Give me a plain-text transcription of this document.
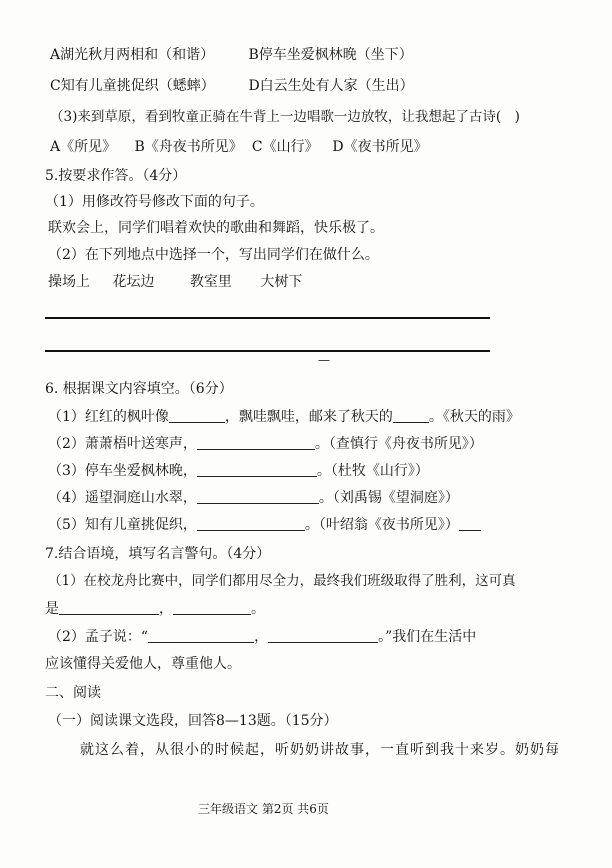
A湖光秋月两相和（和谐） B停车坐爱枫林晚（坐下）
C知有儿童挑促织（蟋蟀） D白云生处有人家（生出）
（3)来到草原，看到牧童正骑在牛背上一边唱歌一边放牧，让我想起了古诗(　)
A《所见》 B《舟夜书所见》 C《山行》 D《夜书所见》
5.按要求作答。（4分）
（1）用修改符号修改下面的句子。
联欢会上，同学们唱着欢快的歌曲和舞蹈，快乐极了。
（2）在下列地点中选择一个，写出同学们在做什么。
操场上 花坛边	教室里 大树下
—
6. 根据课文内容填空。（6分）
（1）红红的枫叶像	，飘哇飘哇，邮来了秋天的	。《秋天的雨》
（2）萧萧梧叶送寒声，	。（查慎行《舟夜书所见》）
（3）停车坐爱枫林晚，	。（杜牧《山行》）
（4）遥望洞庭山水翠，	。（刘禹锡《望洞庭》）
（5）知有儿童挑促织，	。（叶绍翁《夜书所见》）
7.结合语境，填写名言警句。（4分）
（1）在校龙舟比赛中，同学们都用尽全力，最终我们班级取得了胜利，这可真
是	，	。
（2）孟子说：“	，	。”我们在生活中
应该懂得关爱他人，尊重他人。
二、阅读
（一）阅读课文选段，回答8—13题。（15分）
就这么着，从很小的时候起，听奶奶讲故事，一直听到我十来岁。奶奶每
三年级语文 第2页 共6页
